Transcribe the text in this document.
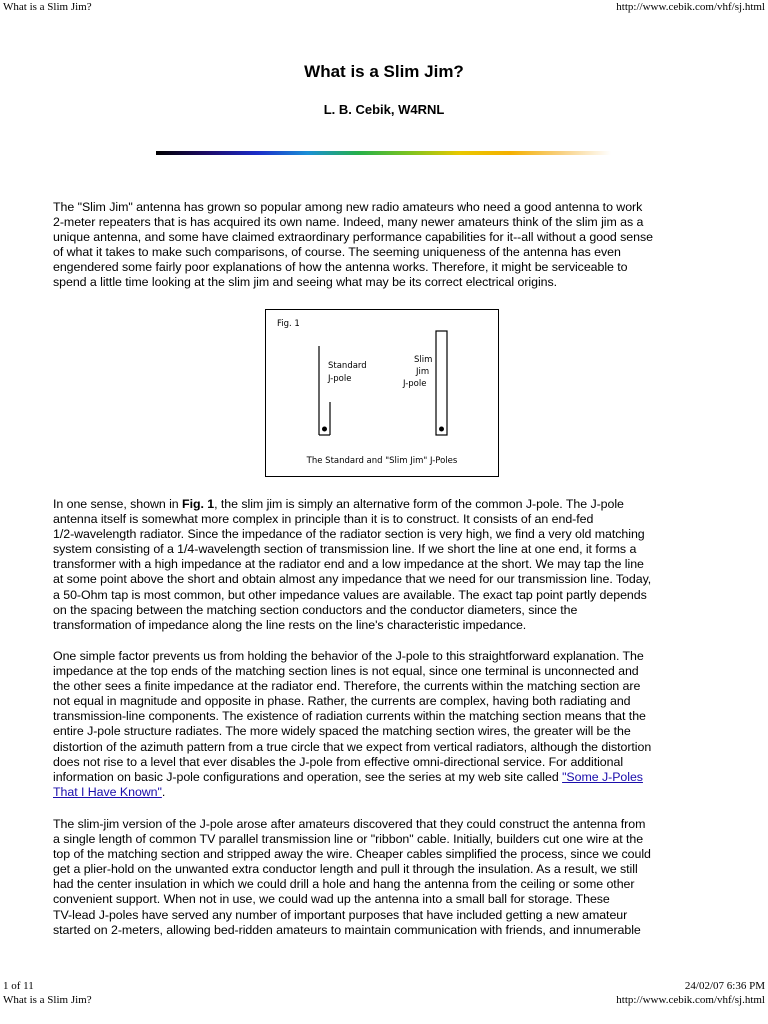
What is a Slim Jim?	http://www.cebik.com/vhf/sj.html
What is a Slim Jim?
L. B. Cebik, W4RNL
The "Slim Jim" antenna has grown so popular among new radio amateurs who need a good antenna to work
2-meter repeaters that is has acquired its own name. Indeed, many newer amateurs think of the slim jim as a
unique antenna, and some have claimed extraordinary performance capabilities for it--all without a good sense
of what it takes to make such comparisons, of course. The seeming uniqueness of the antenna has even
engendered some fairly poor explanations of how the antenna works. Therefore, it might be serviceable to
spend a little time looking at the slim jim and seeing what may be its correct electrical origins.
Fig. 1
Standard
J-pole
Slim
Jim
J-pole
The Standard and "Slim Jim" J-Poles
In one sense, shown in Fig. 1, the slim jim is simply an alternative form of the common J-pole. The J-pole
antenna itself is somewhat more complex in principle than it is to construct. It consists of an end-fed
1/2-wavelength radiator. Since the impedance of the radiator section is very high, we find a very old matching
system consisting of a 1/4-wavelength section of transmission line. If we short the line at one end, it forms a
transformer with a high impedance at the radiator end and a low impedance at the short. We may tap the line
at some point above the short and obtain almost any impedance that we need for our transmission line. Today,
a 50-Ohm tap is most common, but other impedance values are available. The exact tap point partly depends
on the spacing between the matching section conductors and the conductor diameters, since the
transformation of impedance along the line rests on the line's characteristic impedance.
One simple factor prevents us from holding the behavior of the J-pole to this straightforward explanation. The
impedance at the top ends of the matching section lines is not equal, since one terminal is unconnected and
the other sees a finite impedance at the radiator end. Therefore, the currents within the matching section are
not equal in magnitude and opposite in phase. Rather, the currents are complex, having both radiating and
transmission-line components. The existence of radiation currents within the matching section means that the
entire J-pole structure radiates. The more widely spaced the matching section wires, the greater will be the
distortion of the azimuth pattern from a true circle that we expect from vertical radiators, although the distortion
does not rise to a level that ever disables the J-pole from effective omni-directional service. For additional
information on basic J-pole configurations and operation, see the series at my web site called "Some J-Poles
That I Have Known".
The slim-jim version of the J-pole arose after amateurs discovered that they could construct the antenna from
a single length of common TV parallel transmission line or "ribbon" cable. Initially, builders cut one wire at the
top of the matching section and stripped away the wire. Cheaper cables simplified the process, since we could
get a plier-hold on the unwanted extra conductor length and pull it through the insulation. As a result, we still
had the center insulation in which we could drill a hole and hang the antenna from the ceiling or some other
convenient support. When not in use, we could wad up the antenna into a small ball for storage. These
TV-lead J-poles have served any number of important purposes that have included getting a new amateur
started on 2-meters, allowing bed-ridden amateurs to maintain communication with friends, and innumerable
1 of 11	24/02/07 6:36 PM
What is a Slim Jim?	http://www.cebik.com/vhf/sj.html
